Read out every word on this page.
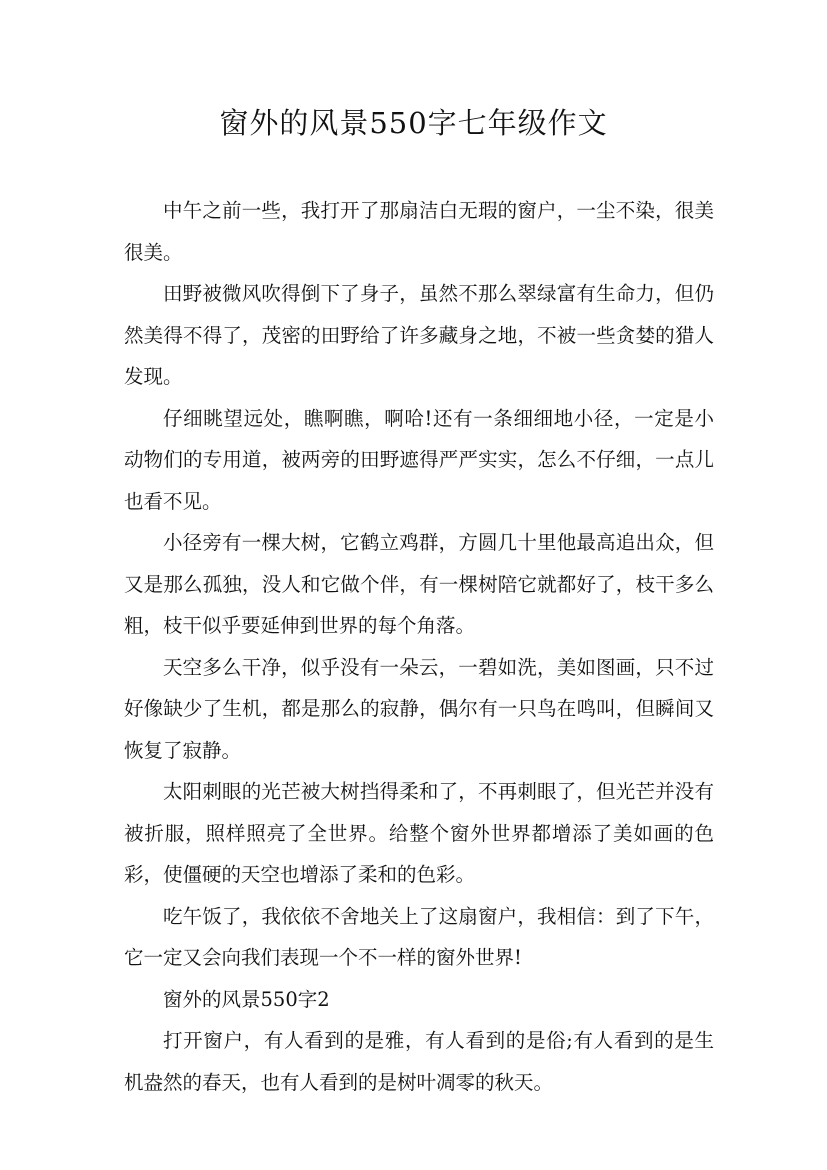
窗外的风景550字七年级作文

中午之前一些，我打开了那扇洁白无瑕的窗户，一尘不染，很美很美。

田野被微风吹得倒下了身子，虽然不那么翠绿富有生命力，但仍然美得不得了，茂密的田野给了许多藏身之地，不被一些贪婪的猎人发现。

仔细眺望远处，瞧啊瞧，啊哈!还有一条细细地小径，一定是小动物们的专用道，被两旁的田野遮得严严实实，怎么不仔细，一点儿也看不见。

小径旁有一棵大树，它鹤立鸡群，方圆几十里他最高追出众，但又是那么孤独，没人和它做个伴，有一棵树陪它就都好了，枝干多么粗，枝干似乎要延伸到世界的每个角落。

天空多么干净，似乎没有一朵云，一碧如洗，美如图画，只不过好像缺少了生机，都是那么的寂静，偶尔有一只鸟在鸣叫，但瞬间又恢复了寂静。

太阳刺眼的光芒被大树挡得柔和了，不再刺眼了，但光芒并没有被折服，照样照亮了全世界。给整个窗外世界都增添了美如画的色彩，使僵硬的天空也增添了柔和的色彩。

吃午饭了，我依依不舍地关上了这扇窗户，我相信：到了下午，它一定又会向我们表现一个不一样的窗外世界!

窗外的风景550字2

打开窗户，有人看到的是雅，有人看到的是俗;有人看到的是生机盎然的春天，也有人看到的是树叶凋零的秋天。
